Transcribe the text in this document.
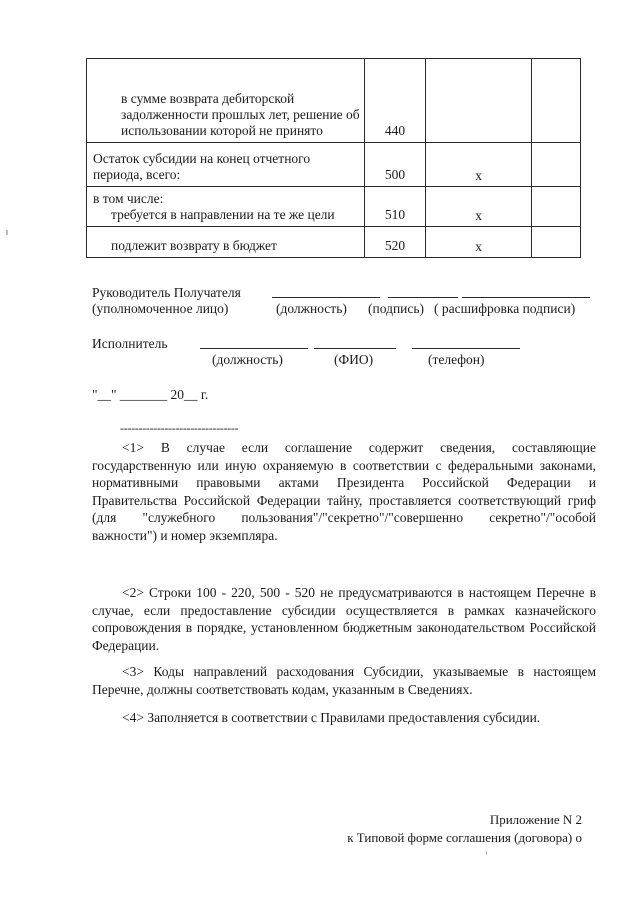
в сумме возврата дебиторской задолженности прошлых лет, решение об использовании которой не принято	440		

Остаток субсидии на конец отчетного периода, всего:	500	x	

в том числе:
требуется в направлении на те же цели	510	x	

подлежит возврату в бюджет	520	x	

Руководитель Получателя
(уполномоченное лицо)	(должность) (подпись) ( расшифровка подписи)
Исполнитель
(должность)	(ФИО)	(телефон)
"__" _______ 20__ г.
--------------------------------
<1> В случае если соглашение содержит сведения, составляющие государственную или иную охраняемую в соответствии с федеральными законами, нормативными правовыми актами Президента Российской Федерации и Правительства Российской Федерации тайну, проставляется соответствующий гриф (для "служебного пользования"/"секретно"/"совершенно секретно"/"особой важности") и номер экземпляра.
<2> Строки 100 - 220, 500 - 520 не предусматриваются в настоящем Перечне в случае, если предоставление субсидии осуществляется в рамках казначейского сопровождения в порядке, установленном бюджетным законодательством Российской Федерации.
<3> Коды направлений расходования Субсидии, указываемые в настоящем Перечне, должны соответствовать кодам, указанным в Сведениях.
<4> Заполняется в соответствии с Правилами предоставления субсидии.
Приложение N 2
к Типовой форме соглашения (договора) о
